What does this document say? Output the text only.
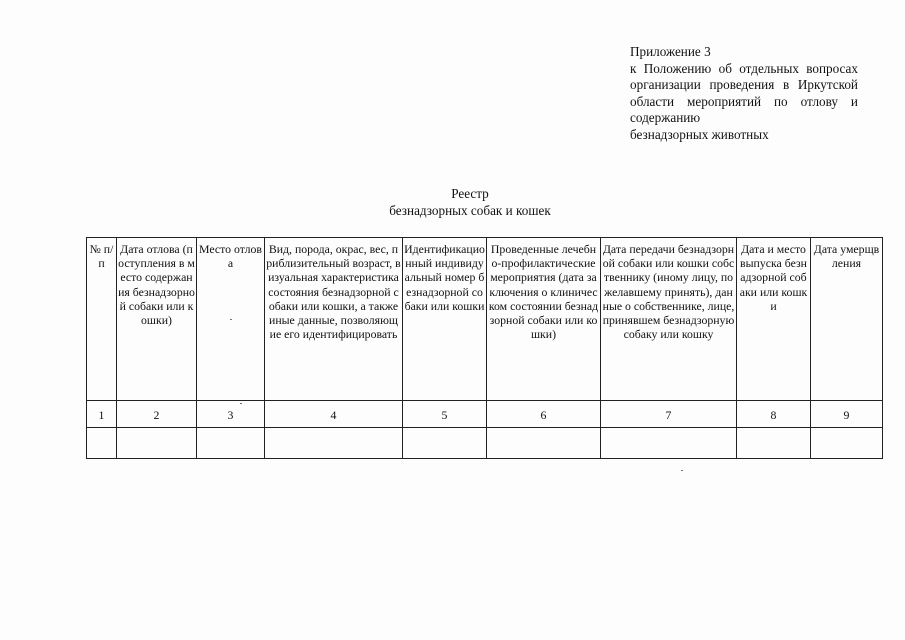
Приложение 3
к Положению об отдельных вопросах организации проведения в Иркутской области мероприятий по отлову и содержанию
безнадзорных животных
Реестр
безнадзорных собак и кошек
№ п/п	Дата отлова (поступления в место содержания безнадзорной собаки или кошки)	Место отлова	Вид, порода, окрас, вес, приблизительный возраст, визуальная характеристика состояния безнадзорной собаки или кошки, а также иные данные, позволяющие его идентифицировать	Идентификационный индивидуальный номер безнадзорной собаки или кошки	Проведенные лечебно-профилактические мероприятия (дата заключения о клиническом состоянии безнадзорной собаки или кошки)	Дата передачи безнадзорной собаки или кошки собственнику (иному лицу, пожелавшему принять), данные о собственнике, лице, принявшем безнадзорную собаку или кошку	Дата и место выпуска безнадзорной собаки или кошки	Дата умерщвления
1	2	3	4	5	6	7	8	9
